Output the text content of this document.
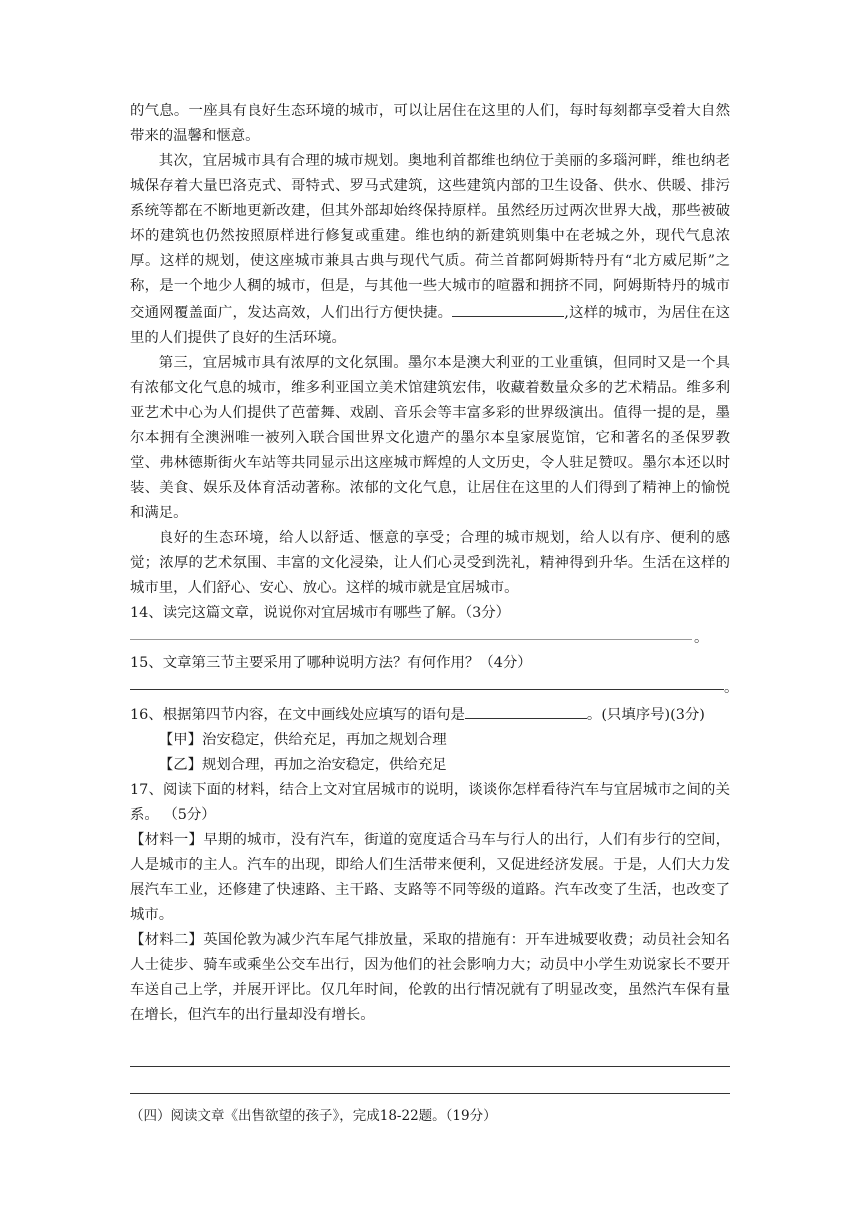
的气息。一座具有良好生态环境的城市，可以让居住在这里的人们，每时每刻都享受着大自然带来的温馨和惬意。

其次，宜居城市具有合理的城市规划。奥地利首都维也纳位于美丽的多瑙河畔，维也纳老城保存着大量巴洛克式、哥特式、罗马式建筑，这些建筑内部的卫生设备、供水、供暖、排污系统等都在不断地更新改建，但其外部却始终保持原样。虽然经历过两次世界大战，那些被破坏的建筑也仍然按照原样进行修复或重建。维也纳的新建筑则集中在老城之外，现代气息浓厚。这样的规划，使这座城市兼具古典与现代气质。荷兰首都阿姆斯特丹有“北方威尼斯”之称，是一个地少人稠的城市，但是，与其他一些大城市的喧嚣和拥挤不同，阿姆斯特丹的城市交通网覆盖面广，发达高效，人们出行方便快捷。	,这样的城市，为居住在这里的人们提供了良好的生活环境。

第三，宜居城市具有浓厚的文化氛围。墨尔本是澳大利亚的工业重镇，但同时又是一个具有浓郁文化气息的城市，维多利亚国立美术馆建筑宏伟，收藏着数量众多的艺术精品。维多利亚艺术中心为人们提供了芭蕾舞、戏剧、音乐会等丰富多彩的世界级演出。值得一提的是，墨尔本拥有全澳洲唯一被列入联合国世界文化遗产的墨尔本皇家展览馆，它和著名的圣保罗教堂、弗林德斯街火车站等共同显示出这座城市辉煌的人文历史，令人驻足赞叹。墨尔本还以时装、美食、娱乐及体育活动著称。浓郁的文化气息，让居住在这里的人们得到了精神上的愉悦和满足。

良好的生态环境，给人以舒适、惬意的享受；合理的城市规划，给人以有序、便利的感觉；浓厚的艺术氛围、丰富的文化浸染，让人们心灵受到洗礼，精神得到升华。生活在这样的城市里，人们舒心、安心、放心。这样的城市就是宜居城市。

14、读完这篇文章，说说你对宜居城市有哪些了解。（3分）

。

15、文章第三节主要采用了哪种说明方法？有何作用？（4分）

。

16、根据第四节内容，在文中画线处应填写的语句是	。(只填序号)(3分)

【甲】治安稳定，供给充足，再加之规划合理

【乙】规划合理，再加之治安稳定，供给充足

17、阅读下面的材料，结合上文对宜居城市的说明，谈谈你怎样看待汽车与宜居城市之间的关系。 （5分）

【材料一】早期的城市，没有汽车，街道的宽度适合马车与行人的出行，人们有步行的空间，人是城市的主人。汽车的出现，即给人们生活带来便利，又促进经济发展。于是，人们大力发展汽车工业，还修建了快速路、主干路、支路等不同等级的道路。汽车改变了生活，也改变了城市。

【材料二】英国伦敦为减少汽车尾气排放量，采取的措施有：开车进城要收费；动员社会知名人士徒步、骑车或乘坐公交车出行，因为他们的社会影响力大；动员中小学生劝说家长不要开车送自己上学，并展开评比。仅几年时间，伦敦的出行情况就有了明显改变，虽然汽车保有量在增长，但汽车的出行量却没有增长。

（四）阅读文章《出售欲望的孩子》，完成18-22题。（19分）
